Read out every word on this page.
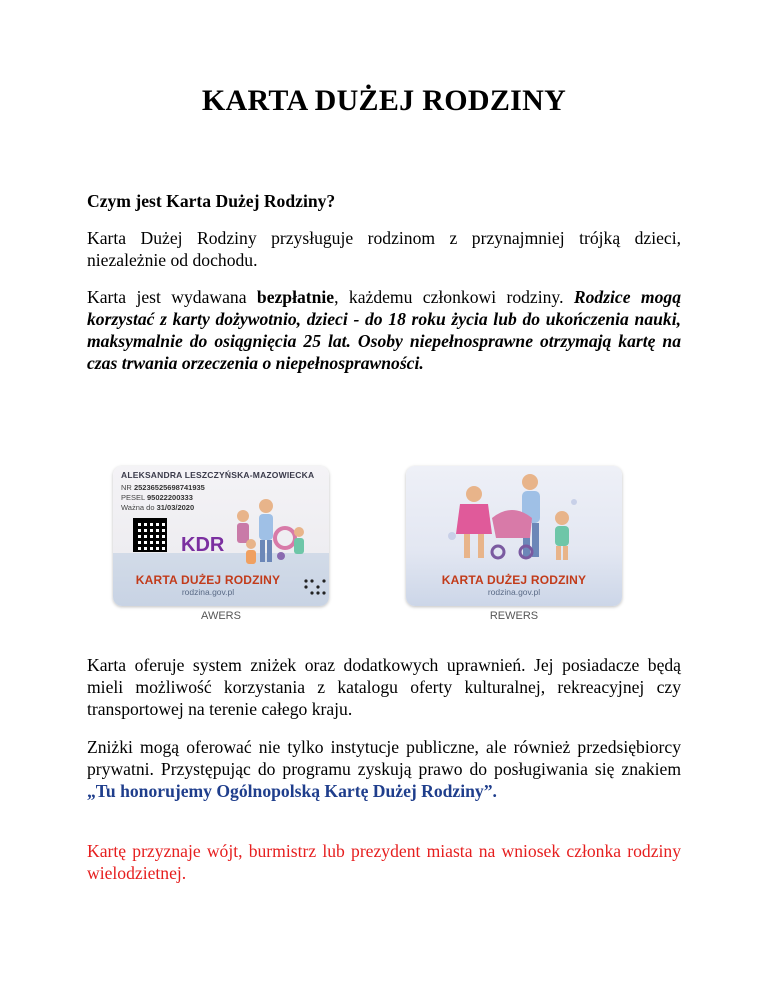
KARTA DUŻEJ RODZINY
Czym jest Karta Dużej Rodziny?
Karta Dużej Rodziny przysługuje rodzinom z przynajmniej trójką dzieci, niezależnie od dochodu.
Karta jest wydawana bezpłatnie, każdemu członkowi rodziny. Rodzice mogą korzystać z karty dożywotnio, dzieci - do 18 roku życia lub do ukończenia nauki, maksymalnie do osiągnięcia 25 lat. Osoby niepełnosprawne otrzymają kartę na czas trwania orzeczenia o niepełnosprawności.
ALEKSANDRA LESZCZYŃSKA-MAZOWIECKA
NR 25236525698741935
PESEL 95022200333
Ważna do 31/03/2020
KDR
KARTA DUŻEJ RODZINY
rodzina.gov.pl
AWERS
KARTA DUŻEJ RODZINY
rodzina.gov.pl
REWERS
Karta oferuje system zniżek oraz dodatkowych uprawnień. Jej posiadacze będą mieli możliwość korzystania z katalogu oferty kulturalnej, rekreacyjnej czy transportowej na terenie całego kraju.
Zniżki mogą oferować nie tylko instytucje publiczne, ale również przedsiębiorcy prywatni. Przystępując do programu zyskują prawo do posługiwania się znakiem „Tu honorujemy Ogólnopolską Kartę Dużej Rodziny”.
Kartę przyznaje wójt, burmistrz lub prezydent miasta na wniosek członka rodziny wielodzietnej.
